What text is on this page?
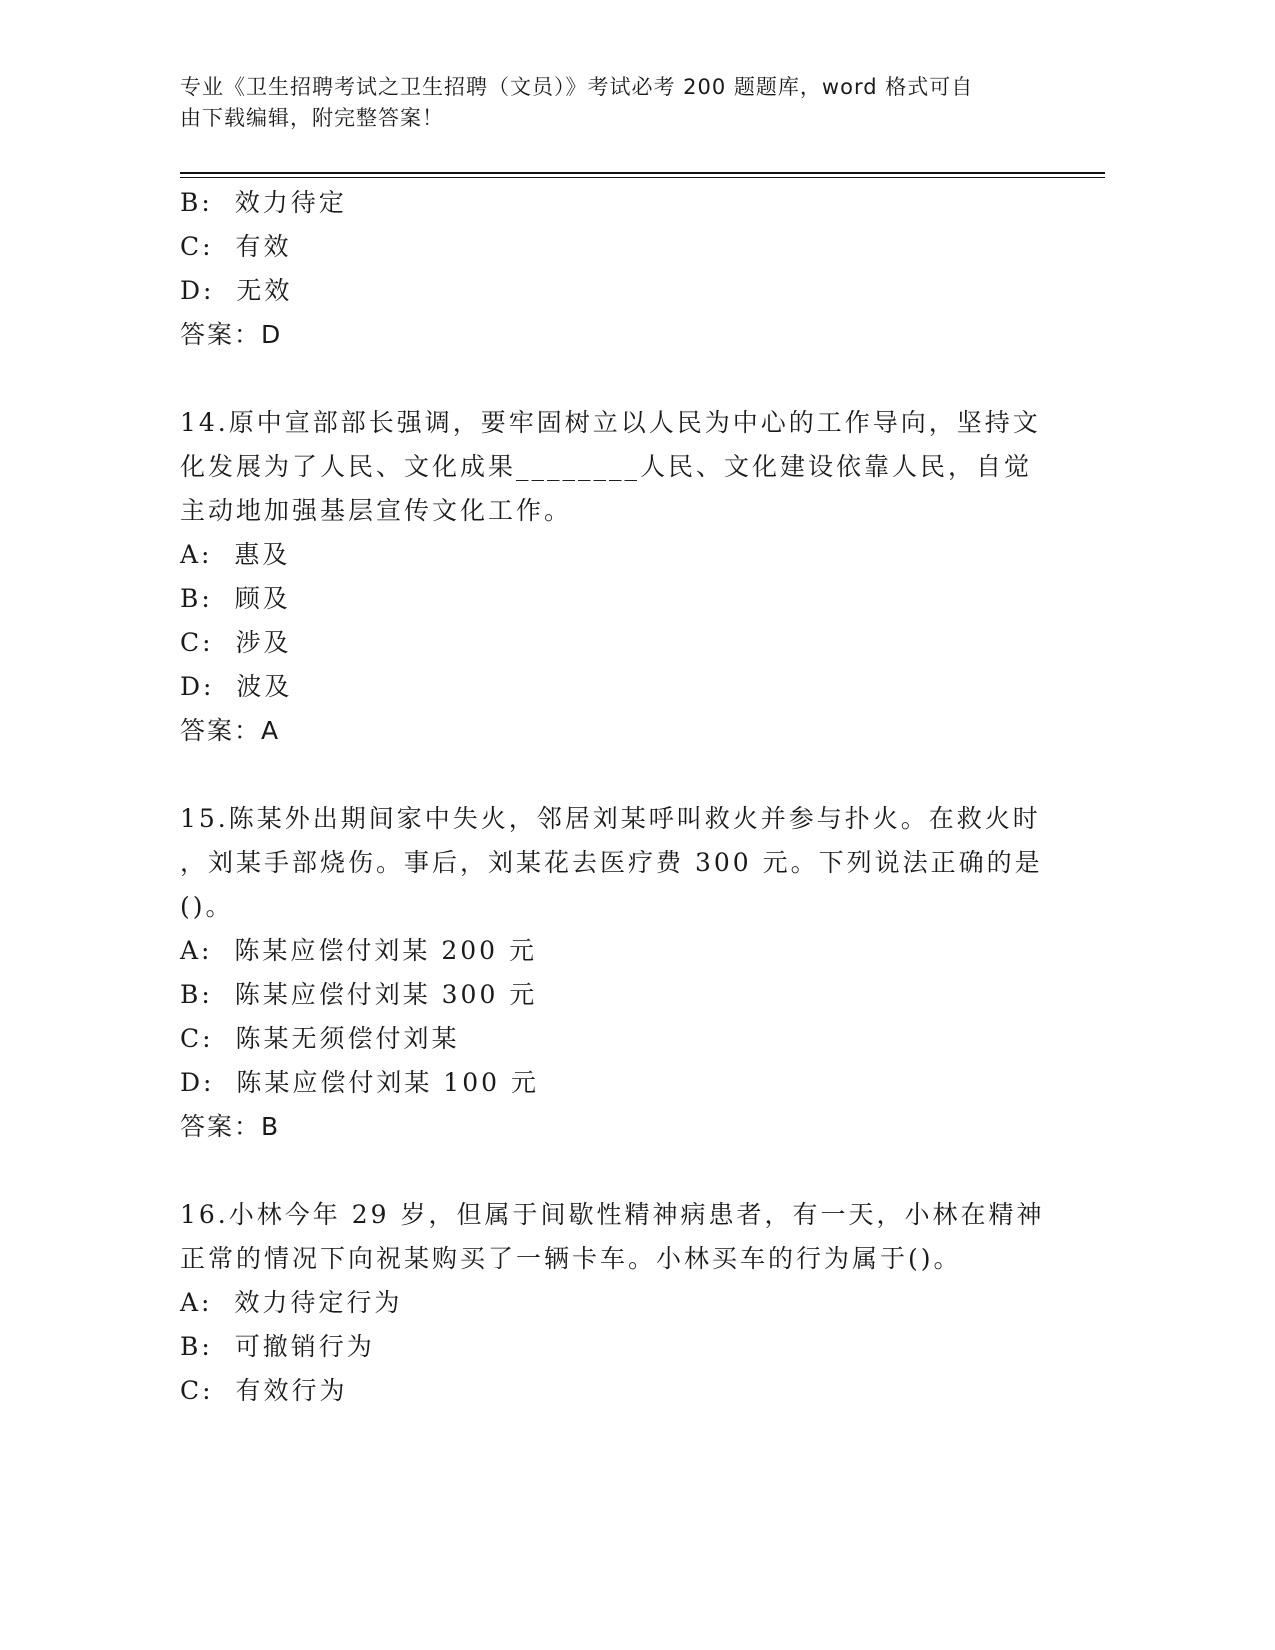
专业《卫生招聘考试之卫生招聘（文员）》考试必考 200 题题库，word 格式可自
由下载编辑，附完整答案！
B:  效力待定
C:  有效
D:  无效
答案：D
14.原中宣部部长强调，要牢固树立以人民为中心的工作导向，坚持文
化发展为了人民、文化成果________人民、文化建设依靠人民，自觉
主动地加强基层宣传文化工作。
A:  惠及
B:  顾及
C:  涉及
D:  波及
答案：A
15.陈某外出期间家中失火，邻居刘某呼叫救火并参与扑火。在救火时
，刘某手部烧伤。事后，刘某花去医疗费 300 元。下列说法正确的是
()。
A:  陈某应偿付刘某 200 元
B:  陈某应偿付刘某 300 元
C:  陈某无须偿付刘某
D:  陈某应偿付刘某 100 元
答案：B
16.小林今年 29 岁，但属于间歇性精神病患者，有一天，小林在精神
正常的情况下向祝某购买了一辆卡车。小林买车的行为属于()。
A:  效力待定行为
B:  可撤销行为
C:  有效行为
